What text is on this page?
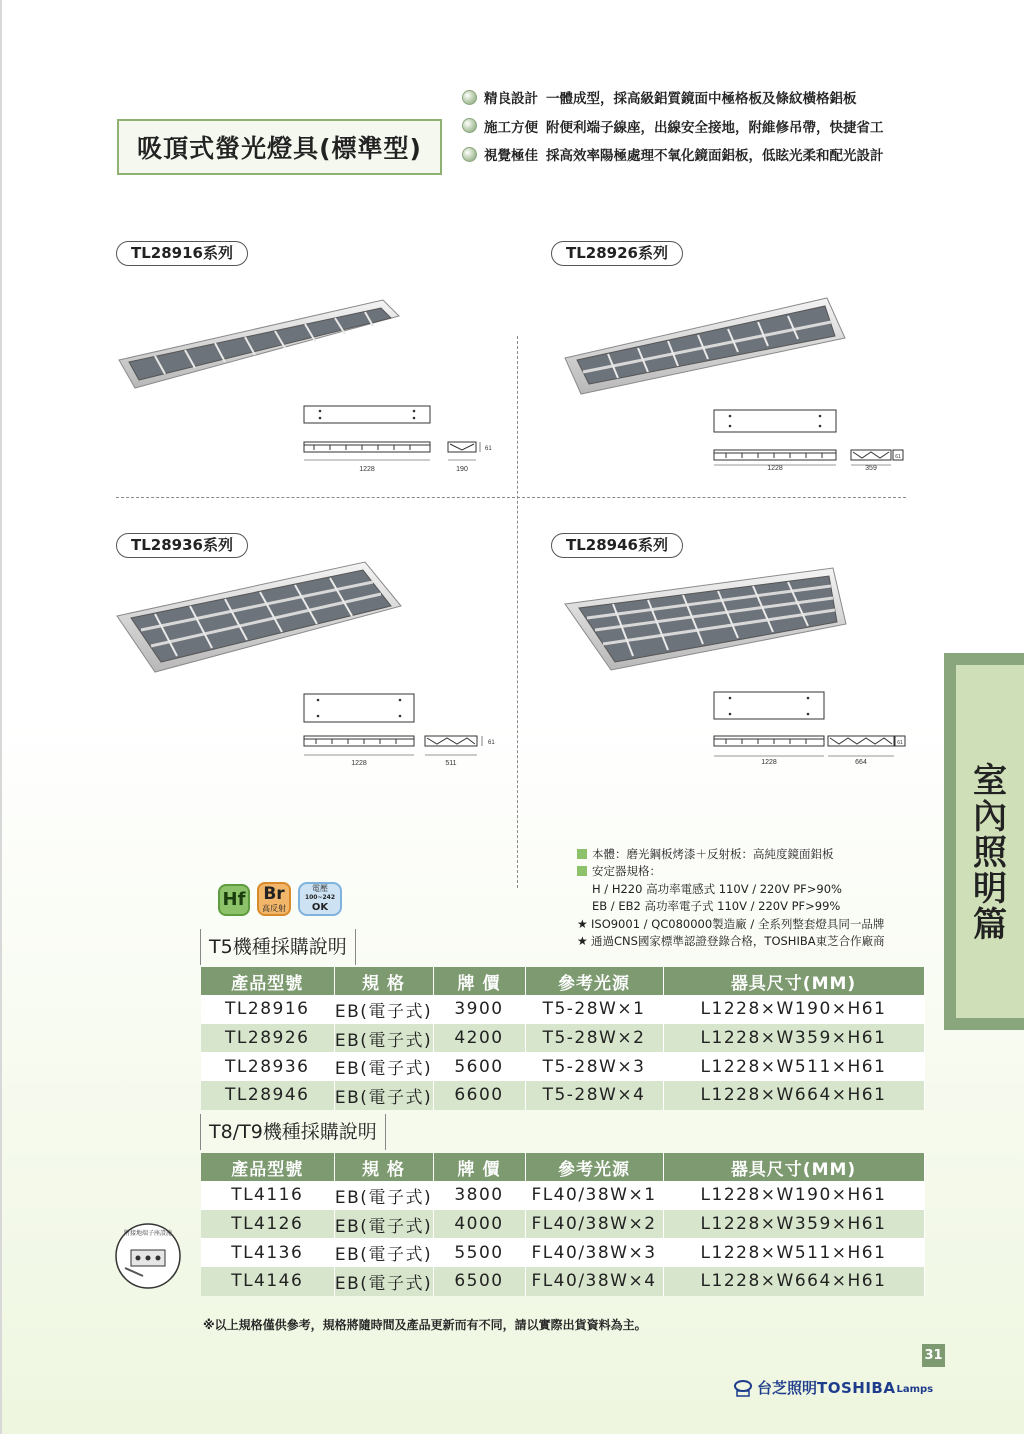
吸頂式螢光燈具(標準型)
精良設計 一體成型，採高級鋁質鏡面中極格板及條紋橫格鋁板
施工方便 附便利端子線座，出線安全接地，附維修吊帶，快捷省工
視覺極佳 採高效率陽極處理不氧化鏡面鋁板，低眩光柔和配光設計
TL28916系列	TL28926系列
TL28936系列	TL28946系列
1228
61
190	1228
61
359
1228
61
511	1228
61
664	室
內
照
明
篇
本體：磨光鋼板烤漆＋反射板：高純度鏡面鋁板
安定器規格：
H / H220 高功率電感式 110V / 220V PF>90%
EB / EB2 高功率電子式 110V / 220V PF>99%
★ ISO9001 / QC080000製造廠 / 全系列整套燈具同一品牌
★ 通過CNS國家標準認證登錄合格，TOSHIBA東芝合作廠商
Hf Br
高反射
電壓
100~242
OK
T5機種採購說明
產品型號	規 格	牌 價	參考光源	器具尺寸(MM)
TL28916	EB(電子式)	3900	T5-28W×1	L1228×W190×H61
TL28926	EB(電子式)	4200	T5-28W×2	L1228×W359×H61
TL28936	EB(電子式)	5600	T5-28W×3	L1228×W511×H61
TL28946	EB(電子式)	6600	T5-28W×4	L1228×W664×H61
T8/T9機種採購說明
產品型號	規 格	牌 價	參考光源	器具尺寸(MM)
TL4116	EB(電子式)	3800	FL40/38W×1	L1228×W190×H61
TL4126	EB(電子式)	4000	FL40/38W×2	L1228×W359×H61
TL4136	EB(電子式)	5500	FL40/38W×3	L1228×W511×H61
TL4146	EB(電子式)	6500	FL40/38W×4	L1228×W664×H61
附接地端子座設施
※以上規格僅供參考，規格將隨時間及產品更新而有不同，請以實際出貨資料為主。
31
台芝照明 TOSHIBA Lamps
